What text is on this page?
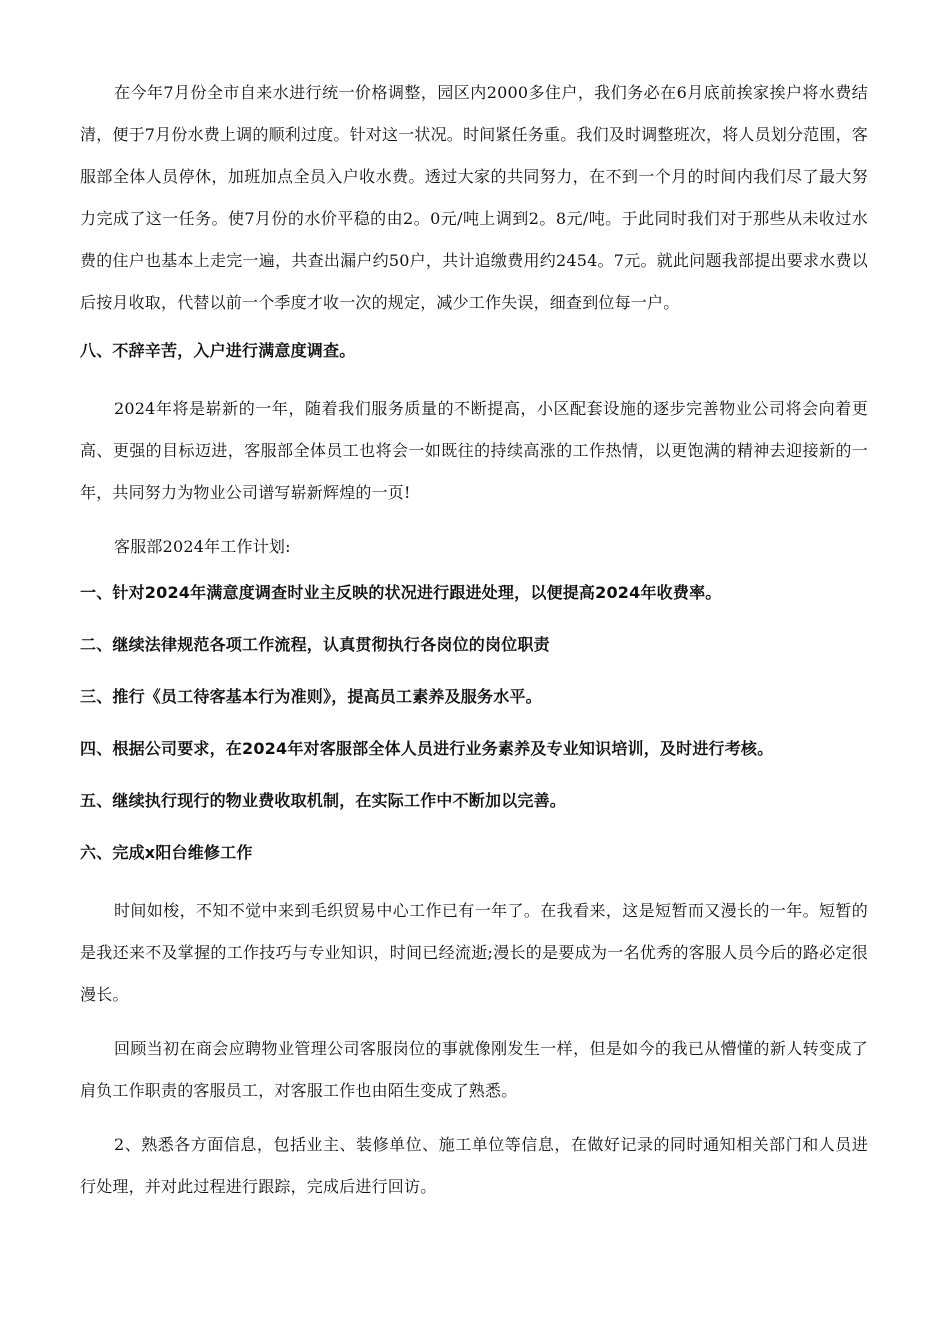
在今年7月份全市自来水进行统一价格调整，园区内2000多住户，我们务必在6月底前挨家挨户将水费结清，便于7月份水费上调的顺利过度。针对这一状况。时间紧任务重。我们及时调整班次，将人员划分范围，客服部全体人员停休，加班加点全员入户收水费。透过大家的共同努力，在不到一个月的时间内我们尽了最大努力完成了这一任务。使7月份的水价平稳的由2。0元/吨上调到2。8元/吨。于此同时我们对于那些从未收过水费的住户也基本上走完一遍，共查出漏户约50户，共计追缴费用约2454。7元。就此问题我部提出要求水费以后按月收取，代替以前一个季度才收一次的规定，减少工作失误，细查到位每一户。

八、不辞辛苦，入户进行满意度调查。

2024年将是崭新的一年，随着我们服务质量的不断提高，小区配套设施的逐步完善物业公司将会向着更高、更强的目标迈进，客服部全体员工也将会一如既往的持续高涨的工作热情，以更饱满的精神去迎接新的一年，共同努力为物业公司谱写崭新辉煌的一页!

客服部2024年工作计划:

一、针对2024年满意度调查时业主反映的状况进行跟进处理，以便提高2024年收费率。
二、继续法律规范各项工作流程，认真贯彻执行各岗位的岗位职责
三、推行《员工待客基本行为准则》，提高员工素养及服务水平。
四、根据公司要求，在2024年对客服部全体人员进行业务素养及专业知识培训，及时进行考核。
五、继续执行现行的物业费收取机制，在实际工作中不断加以完善。
六、完成x阳台维修工作

时间如梭，不知不觉中来到毛织贸易中心工作已有一年了。在我看来，这是短暂而又漫长的一年。短暂的是我还来不及掌握的工作技巧与专业知识，时间已经流逝;漫长的是要成为一名优秀的客服人员今后的路必定很漫长。

回顾当初在商会应聘物业管理公司客服岗位的事就像刚发生一样，但是如今的我已从懵懂的新人转变成了肩负工作职责的客服员工，对客服工作也由陌生变成了熟悉。

2、熟悉各方面信息，包括业主、装修单位、施工单位等信息，在做好记录的同时通知相关部门和人员进行处理，并对此过程进行跟踪，完成后进行回访。
